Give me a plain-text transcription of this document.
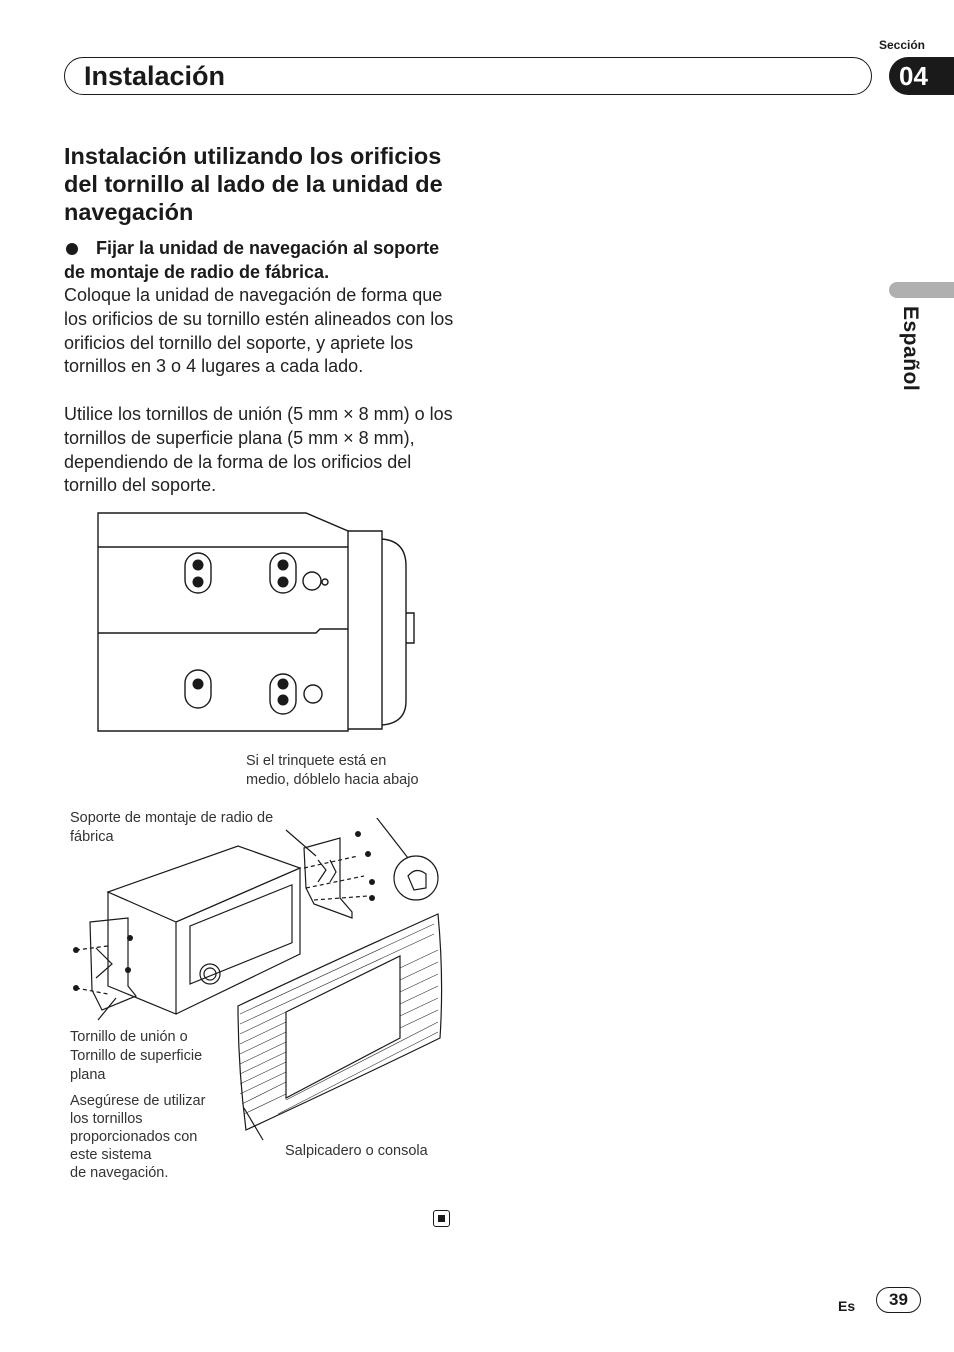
Instalación
Sección
04
Español
Instalación utilizando los orificios del tornillo al lado de la unidad de navegación
Fijar la unidad de navegación al soporte de montaje de radio de fábrica.
Coloque la unidad de navegación de forma que los orificios de su tornillo estén alineados con los orificios del tornillo del soporte, y apriete los tornillos en 3 o 4 lugares a cada lado.
Utilice los tornillos de unión (5 mm × 8 mm) o los tornillos de superficie plana (5 mm × 8 mm), dependiendo de la forma de los orificios del tornillo del soporte.
Si el trinquete está en
medio, dóblelo hacia abajo
Soporte de montaje de radio de
fábrica
Tornillo de unión o
Tornillo de superficie
plana
Asegúrese de utilizar
los tornillos
proporcionados con
este sistema
de navegación.
Salpicadero o consola
Es	39
